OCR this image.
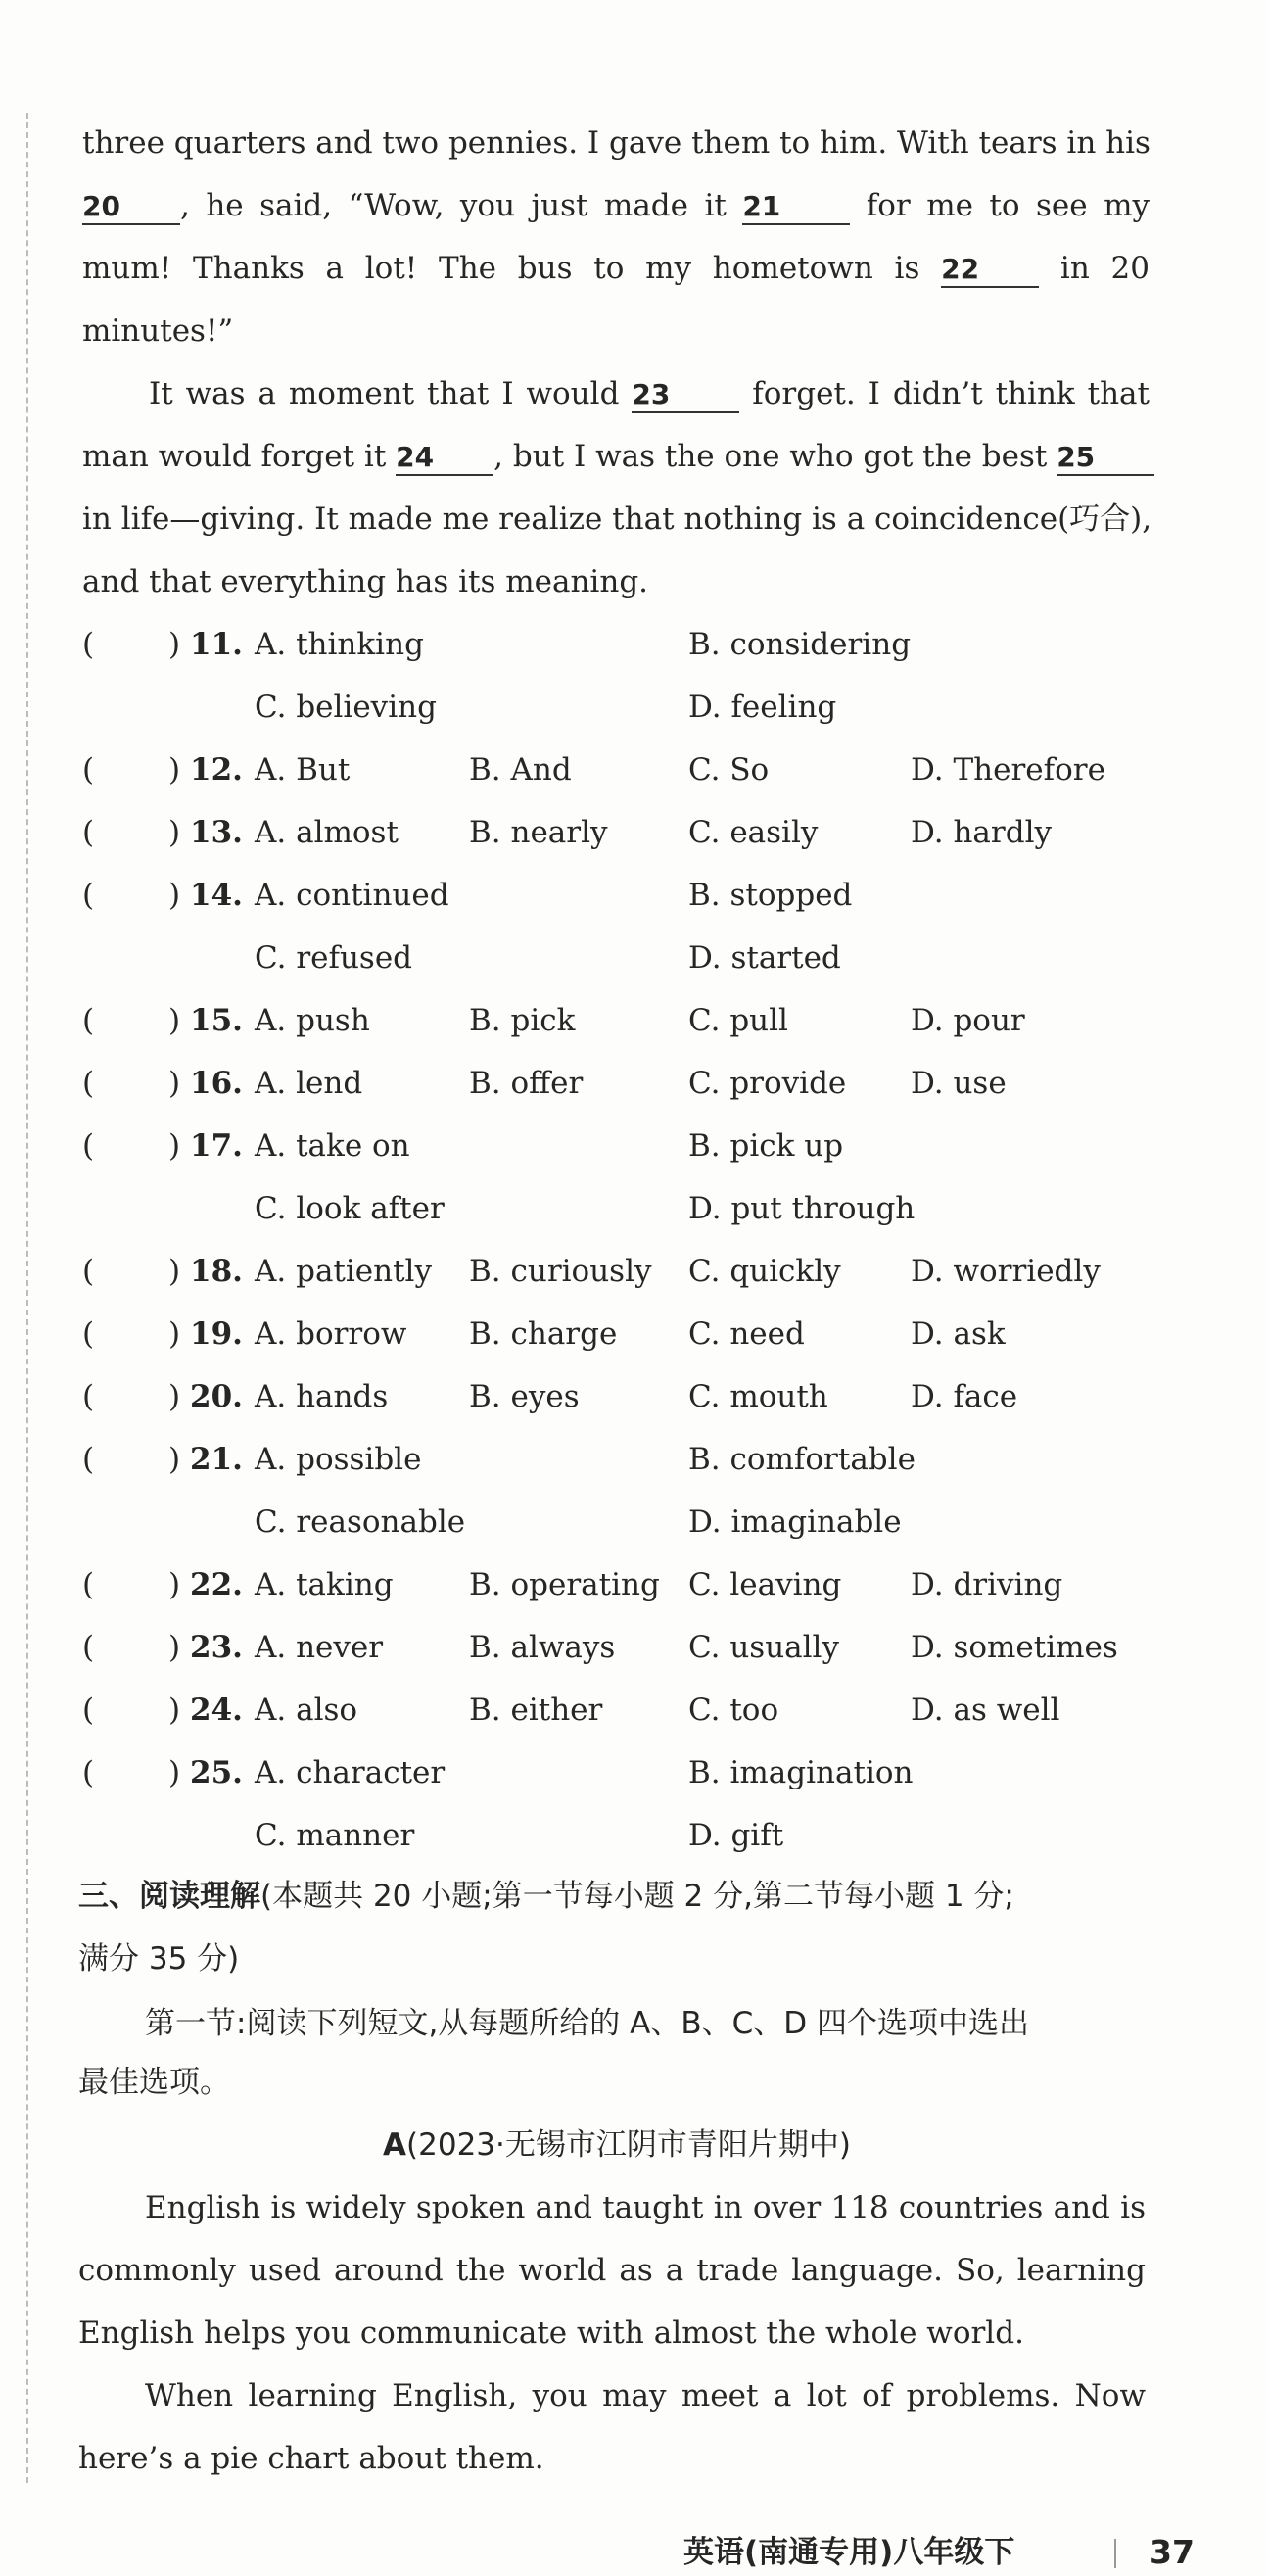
three quarters and two pennies. I gave them to him. With tears in his
20 , he said, “Wow, you just made it 21 for me to see my
mum! Thanks a lot! The bus to my hometown is 22 in 20
minutes!”
It was a moment that I would 23 forget. I didn’t think that
man would forget it 24 , but I was the one who got the best 25
in life—giving. It made me realize that nothing is a coincidence(巧合),
and that everything has its meaning.
( ) 11. A. thinking	B. considering
C. believing	D. feeling
( ) 12. A. But	B. And	C. So	D. Therefore
( ) 13. A. almost B. nearly	C. easily	D. hardly
( ) 14. A. continued	B. stopped
C. refused	D. started
( ) 15. A. push	B. pick	C. pull	D. pour
( ) 16. A. lend	B. offer	C. provide D. use
( ) 17. A. take on	B. pick up
C. look after	D. put through
( ) 18. A. patiently B. curiously C. quickly D. worriedly
( ) 19. A. borrow B. charge C. need	D. ask
( ) 20. A. hands	B. eyes	C. mouth	D. face
( ) 21. A. possible	B. comfortable
C. reasonable	D. imaginable
( ) 22. A. taking B. operating C. leaving D. driving
( ) 23. A. never	B. always C. usually D. sometimes
( ) 24. A. also	B. either	C. too	D. as well
( ) 25. A. character	B. imagination
C. manner	D. gift
三、阅读理解(本题共 20 小题;第一节每小题 2 分,第二节每小题 1 分;
满分 35 分)
第一节:阅读下列短文,从每题所给的 A、B、C、D 四个选项中选出
最佳选项。
A(2023·无锡市江阴市青阳片期中)
English is widely spoken and taught in over 118 countries and is
commonly used around the world as a trade language. So, learning
English helps you communicate with almost the whole world.
When learning English, you may meet a lot of problems. Now
here’s a pie chart about them.
英语(南通专用)八年级下	37
